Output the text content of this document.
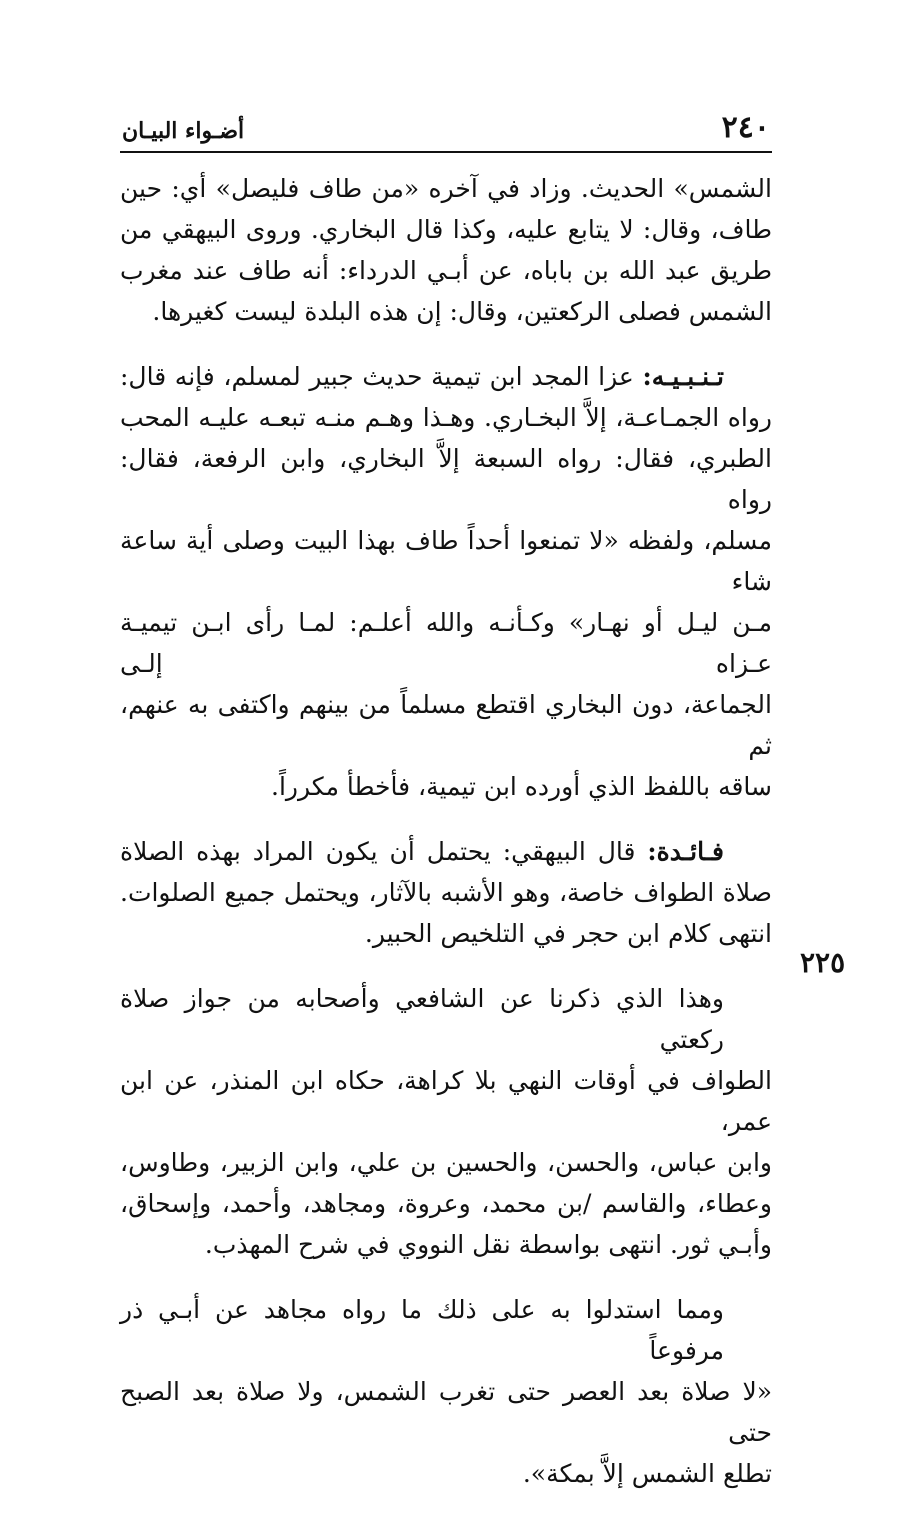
٢٤٠
أضـواء البيـان
٢٢٥
الشمس» الحديث. وزاد في آخره «من طاف فليصل» أي: حين
طاف، وقال: لا يتابع عليه، وكذا قال البخاري. وروى البيهقي من
طريق عبد الله بن باباه، عن أبـي الدرداء: أنه طاف عند مغرب
الشمس فصلى الركعتين، وقال: إن هذه البلدة ليست كغيرها.
تـنـبـيـه: عزا المجد ابن تيمية حديث جبير لمسلم، فإنه قال:
رواه الجمـاعـة، إلاَّ البخـاري. وهـذا وهـم منـه تبعـه عليـه المحب
الطبري، فقال: رواه السبعة إلاَّ البخاري، وابن الرفعة، فقال: رواه
مسلم، ولفظه «لا تمنعوا أحداً طاف بهذا البيت وصلى أية ساعة شاء
مـن ليـل أو نهـار» وكـأنـه والله أعلـم: لمـا رأى ابـن تيميـة عـزاه إلـى
الجماعة، دون البخاري اقتطع مسلماً من بينهم واكتفى به عنهم، ثم
ساقه باللفظ الذي أورده ابن تيمية، فأخطأ مكرراً.
فـائـدة: قال البيهقي: يحتمل أن يكون المراد بهذه الصلاة
صلاة الطواف خاصة، وهو الأشبه بالآثار، ويحتمل جميع الصلوات.
انتهى كلام ابن حجر في التلخيص الحبير.
وهذا الذي ذكرنا عن الشافعي وأصحابه من جواز صلاة ركعتي
الطواف في أوقات النهي بلا كراهة، حكاه ابن المنذر، عن ابن عمر،
وابن عباس، والحسن، والحسين بن علي، وابن الزبير، وطاوس،
وعطاء، والقاسم /بن محمد، وعروة، ومجاهد، وأحمد، وإسحاق،
وأبـي ثور. انتهى بواسطة نقل النووي في شرح المهذب.
ومما استدلوا به على ذلك ما رواه مجاهد عن أبـي ذر مرفوعاً
«لا صلاة بعد العصر حتى تغرب الشمس، ولا صلاة بعد الصبح حتى
تطلع الشمس إلاَّ بمكة».
